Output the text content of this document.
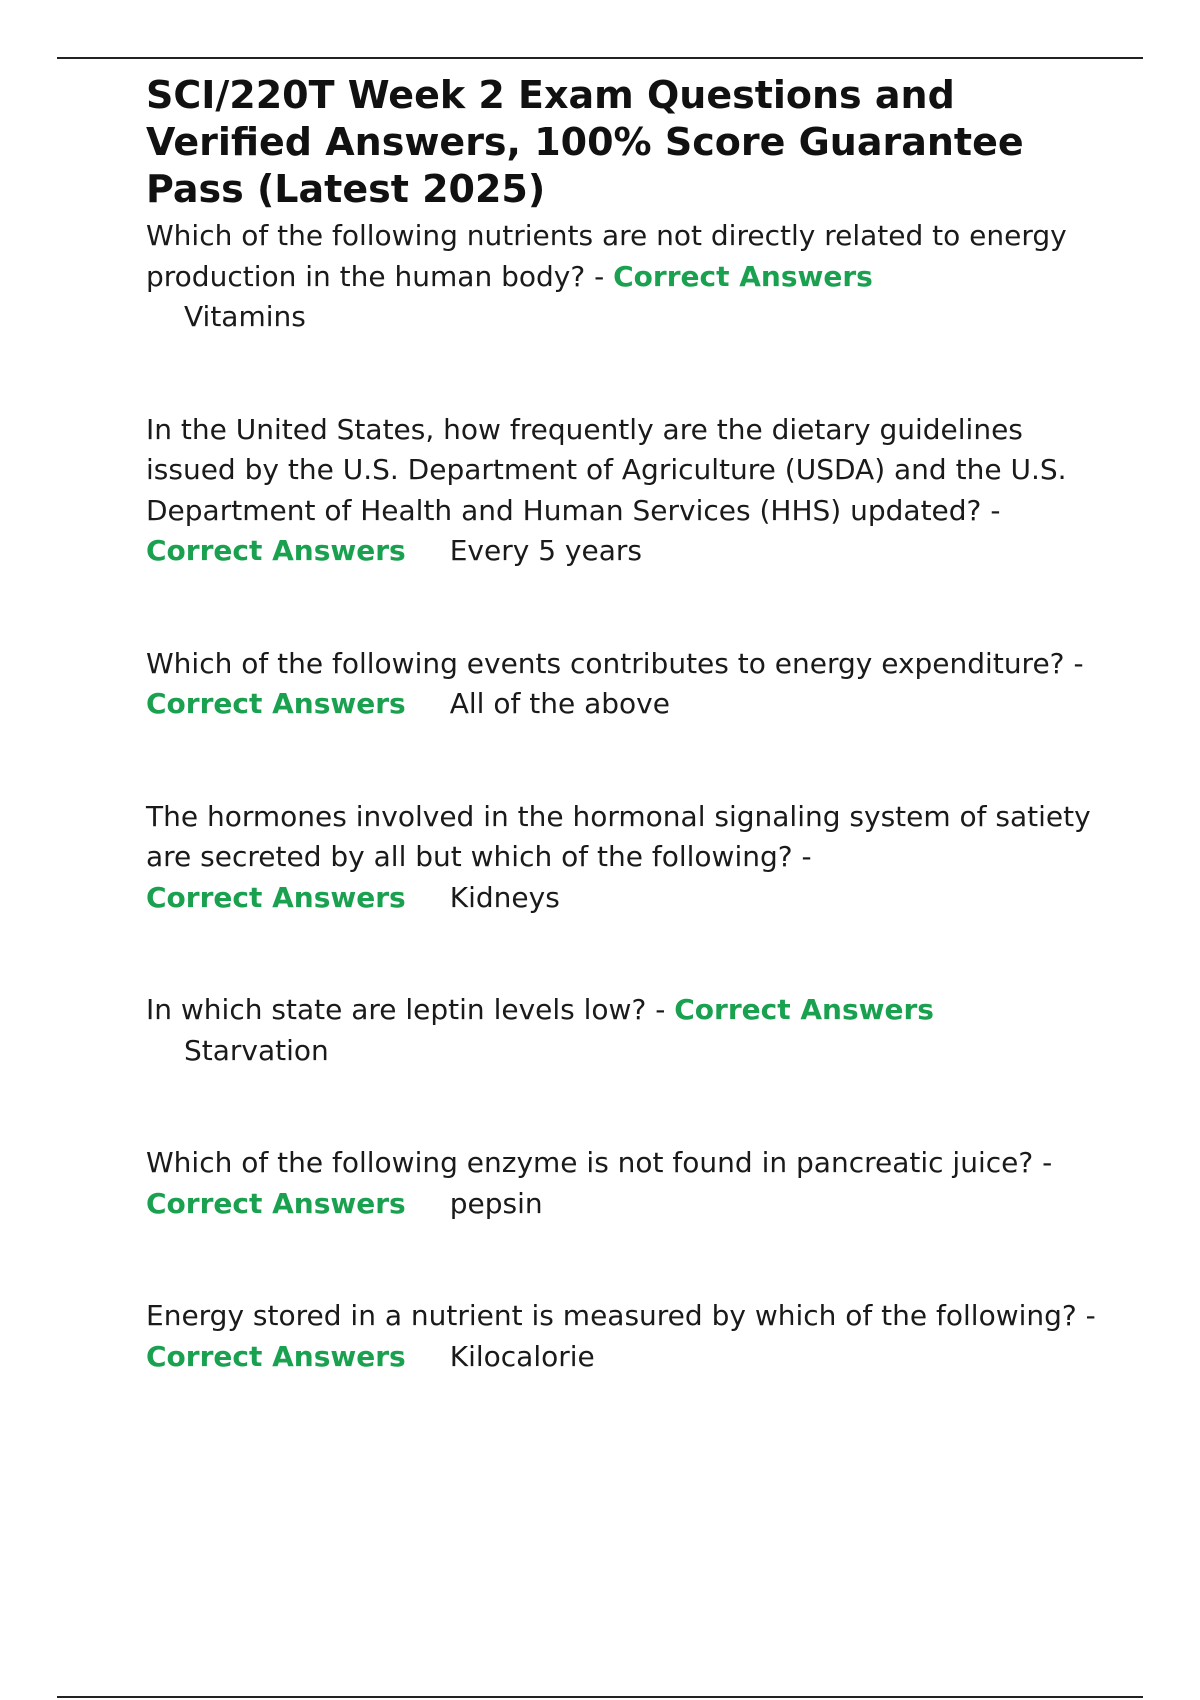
SCI/220T Week 2 Exam Questions and Verified Answers, 100% Score Guarantee Pass (Latest 2025)
Which of the following nutrients are not directly related to energy production in the human body? - Correct Answers
Vitamins
In the United States, how frequently are the dietary guidelines issued by the U.S. Department of Agriculture (USDA) and the U.S. Department of Health and Human Services (HHS) updated? - Correct Answers Every 5 years
Which of the following events contributes to energy expenditure? - Correct Answers All of the above
The hormones involved in the hormonal signaling system of satiety are secreted by all but which of the following? -
Correct Answers Kidneys
In which state are leptin levels low? - Correct Answers
Starvation
Which of the following enzyme is not found in pancreatic juice? - Correct Answers pepsin
Energy stored in a nutrient is measured by which of the following? - Correct Answers Kilocalorie
